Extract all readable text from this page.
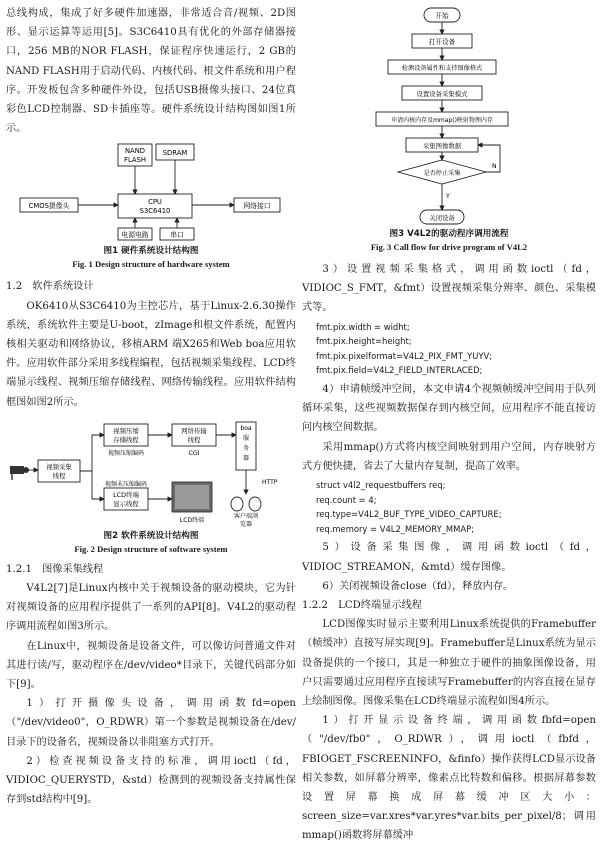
总线构成，集成了好多硬件加速器，非常适合音/视频、2D图形、显示运算等运用[5]。S3C6410具有优化的外部存储器接口，256 MB的NOR FLASH，保证程序快速运行，2 GB的NAND FLASH用于启动代码、内核代码、根文件系统和用户程序。开发板包含多种硬件外设，包括USB摄像头接口、24位真彩色LCD控制器、SD卡插座等。硬件系统设计结构图如图1所示。

NAND
FLASH
SDRAM
CMOS摄像头	CPU
S3C6410
网络接口
电源电路	串口
图1 硬件系统设计结构图
Fig. 1 Design structure of hardware system
1.2　软件系统设计

OK6410从S3C6410为主控芯片，基于Linux-2.6.30操作系统，系统软件主要是U-boot，zImage和根文件系统，配置内核相关驱动和网络协议，移植ARM 端X265和Web boa应用软件。应用软件部分采用多线程编程，包括视频采集线程、LCD终端显示线程、视频压缩存储线程、网络传输线程。应用软件结构框图如图2所示。

视频采集
线程
视频压缩
存储线程
视频压缩编码
网络传输
线程
CGI
boa
服
务
器
HTTP
视频未压缩编码
LCD终端
显示线程
LCD终端
客户端浏
览器
图2 软件系统设计结构图
Fig. 2 Design structure of software system
1.2.1　图像采集线程

V4L2[7]是Linux内核中关于视频设备的驱动模块，它为针对视频设备的应用程序提供了一系列的API[8]。V4L2的驱动程序调用流程如图3所示。

在Linux中，视频设备是设备文件，可以像访问普通文件对其进行读/写，驱动程序在/dev/video*目录下，关键代码部分如下[9]。

1）打开摄像头设备，调用函数fd=open（"/dev/video0"，O_RDWR）第一个参数是视频设备在/dev/目录下的设备名，视频设备以非阻塞方式打开。

2）检查视频设备支持的标准，调用ioctl（fd，VIDIOC_QUERYSTD，&std）检测到的视频设备支持属性保存到std结构中[9]。

开始
打开设备
检测设备属性和支持图像格式
设置设备采集模式
申请内核内存及mmap()映射物理内存
采集图像数据
是否停止采集
Y
N
关闭设备
图3 V4L2的驱动程序调用流程
Fig. 3 Call flow for drive program of V4L2

3）设置视频采集格式，调用函数ioctl（fd，VIDIOC_S_FMT，&fmt）设置视频采集分辨率、颜色、采集模式等。

fmt.pix.width = widht;
fmt.pix.height=height;
fmt.pix.pixelformat=V4L2_PIX_FMT_YUYV;
fmt.pix.field=V4L2_FIELD_INTERLACED;

4）申请帧缓冲空间，本文申请4个视频帧缓冲空间用于队列循环采集，这些视频数据保存到内核空间，应用程序不能直接访问内核空间数据。

采用mmap()方式将内核空间映射到用户空间，内存映射方式方便快捷，省去了大量内存复制，提高了效率。

struct v4l2_requestbuffers req;
req.count = 4;
req.type=V4L2_BUF_TYPE_VIDEO_CAPTURE;
req.memory = V4L2_MEMORY_MMAP;

5）设备采集图像，调用函数ioctl（fd，VIDIOC_STREAMON，&mtd）缓存图像。

6）关闭视频设备close（fd），释放内存。

1.2.2　LCD终端显示线程

LCD图像实时显示主要利用Linux系统提供的Framebuffer（帧缓冲）直接写屏实现[9]。Framebuffer是Linux系统为显示设备提供的一个接口，其是一种独立于硬件的抽象图像设备，用户只需要通过应用程序直接读写Framebuffer的内容直接在显存上绘制图像。图像采集在LCD终端显示流程如图4所示。

1）打开显示设备终端，调用函数fbfd=open（"/dev/fb0"，O_RDWR），调用ioctl（fbfd，FBIOGET_FSCREENINFO，&finfo）操作获得LCD显示设备相关参数，如屏幕分辨率，像素点比特数和偏移。根据屏幕参数设置屏幕换成屏幕缓冲区大小：screen_size=var.xres*var.yres*var.bits_per_pixel/8；调用mmap()函数将屏幕缓冲
